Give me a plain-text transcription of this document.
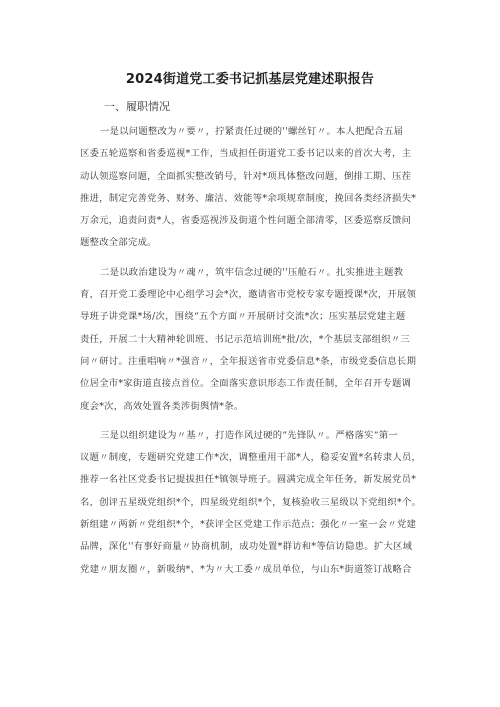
2024街道党工委书记抓基层党建述职报告
一、履职情况
一是以问题整改为〃要〃，拧紧责任过硬的''螺丝钉〃。本人把配合五届
区委五轮巡察和省委巡视*工作，当成担任街道党工委书记以来的首次大考，主
动认领巡察问题，全面抓实整改销号，针对*项具体整改问题，倒排工期、压茬
推进，制定完善党务、财务、廉洁、效能等*余项规章制度，挽回各类经济损失*
万余元，追责问责*人，省委巡视涉及街道个性问题全部清零，区委巡察反馈问
题整改全部完成。
二是以政治建设为〃魂〃，筑牢信念过硬的''压舱石〃。扎实推进主题教
育，召开党工委理论中心组学习会*次，邀请省市党校专家专题授课*次，开展领
导班子讲党课*场/次，围绕“五个方面〃开展研讨交流*次；压实基层党建主题
责任，开展二十大精神轮训班、书记示范培训班*批/次，*个基层支部组织〃三
问〃研讨。注重唱响〃*强音〃，全年报送省市党委信息*条，市级党委信息长期
位居全市*家街道直接点首位。全面落实意识形态工作责任制，全年召开专题调
度会*次，高效处置各类涉街舆情*条。
三是以组织建设为〃基〃，打造作风过硬的“先锋队〃。严格落实“第一
议题〃制度，专题研究党建工作*次，调整重用干部*人，稳妥安置*名转隶人员，
推荐一名社区党委书记提拔担任*镇领导班子。圆满完成全年任务，新发展党员*
名，创评五星级党组织*个，四星级党组织*个，复核验收三星级以下党组织*个。
新组建〃两新〃党组织*个，*获评全区党建工作示范点；强化〃一室一会〃党建
品牌，深化''有事好商量〃协商机制，成功处置*群访和*等信访隐患。扩大区域
党建〃朋友圈〃，新吸纳*、*为〃大工委〃成员单位，与山东*街道签订战略合
